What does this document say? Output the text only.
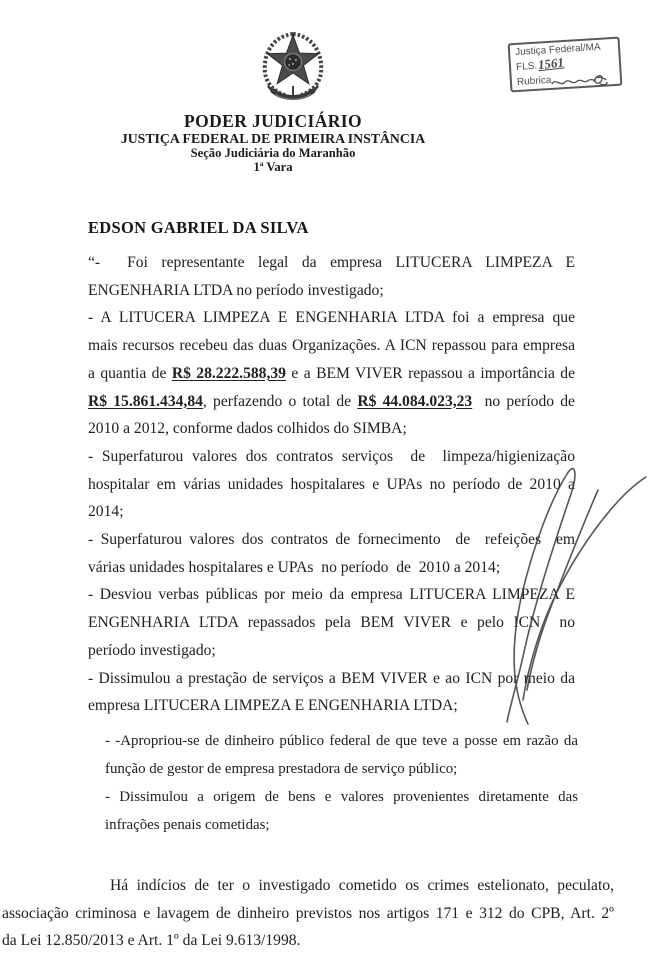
PODER JUDICIÁRIO
JUSTIÇA FEDERAL DE PRIMEIRA INSTÂNCIA
Seção Judiciária do Maranhão
1ª Vara
Justiça Federal/MA
FLS.1561
Rubrica
EDSON GABRIEL DA SILVA
“-  Foi representante legal da empresa LITUCERA LIMPEZA E
ENGENHARIA LTDA no período investigado;
- A LITUCERA LIMPEZA E ENGENHARIA LTDA foi a empresa que
mais recursos recebeu das duas Organizações. A ICN repassou para empresa
a quantia de R$ 28.222.588,39 e a BEM VIVER repassou a importância de
R$ 15.861.434,84, perfazendo o total de R$ 44.084.023,23  no período de
2010 a 2012, conforme dados colhidos do SIMBA;
- Superfaturou valores dos contratos serviços  de  limpeza/higienização
hospitalar em várias unidades hospitalares e UPAs no período de 2010 a
2014;
- Superfaturou valores dos contratos de fornecimento  de  refeições  em
várias unidades hospitalares e UPAs  no período  de  2010 a 2014;
- Desviou verbas públicas por meio da empresa LITUCERA LIMPEZA E
ENGENHARIA LTDA repassados pela BEM VIVER e pelo ICN  no
período investigado;
- Dissimulou a prestação de serviços a BEM VIVER e ao ICN por meio da
empresa LITUCERA LIMPEZA E ENGENHARIA LTDA;
- -Apropriou-se de dinheiro público federal de que teve a posse em razão da
função de gestor de empresa prestadora de serviço público;
- Dissimulou a origem de bens e valores provenientes diretamente das
infrações penais cometidas;
Há indícios de ter o investigado cometido os crimes estelionato, peculato,
associação criminosa e lavagem de dinheiro previstos nos artigos 171 e 312 do CPB, Art. 2º
da Lei 12.850/2013 e Art. 1º da Lei 9.613/1998.
